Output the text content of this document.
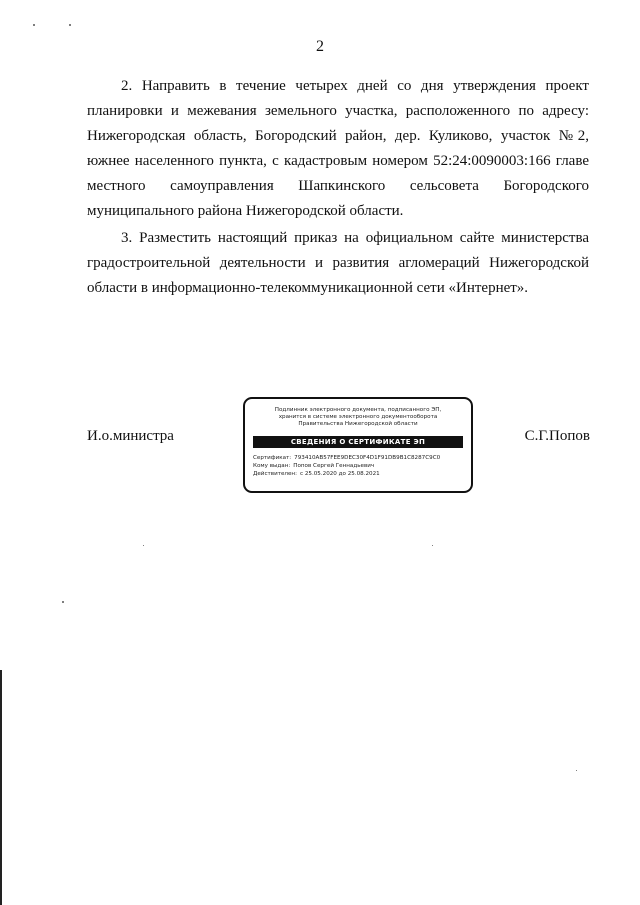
2

2. Направить в течение четырех дней со дня утверждения проект планировки и межевания земельного участка, расположенного по адресу: Нижегородская область, Богородский район, дер. Куликово, участок №2, южнее населенного пункта, с кадастровым номером 52:24:0090003:166 главе местного самоуправления Шапкинского сельсовета Богородского муниципального района Нижегородской области.

3. Разместить настоящий приказ на официальном сайте министерства градостроительной деятельности и развития агломераций Нижегородской области в информационно-телекоммуникационной сети «Интернет».

И.о.министра
Подлинник электронного документа, подписанного ЭП,
хранится в системе электронного документооборота
Правительства Нижегородской области
СВЕДЕНИЯ О СЕРТИФИКАТЕ ЭП
Сертификат: 793410AB57FEE9DEC30F4D1F91DB9B1C8287C9C0
Кому выдан: Попов Сергей Геннадьевич
Действителен: с 25.05.2020 до 25.08.2021
С.Г.Попов
